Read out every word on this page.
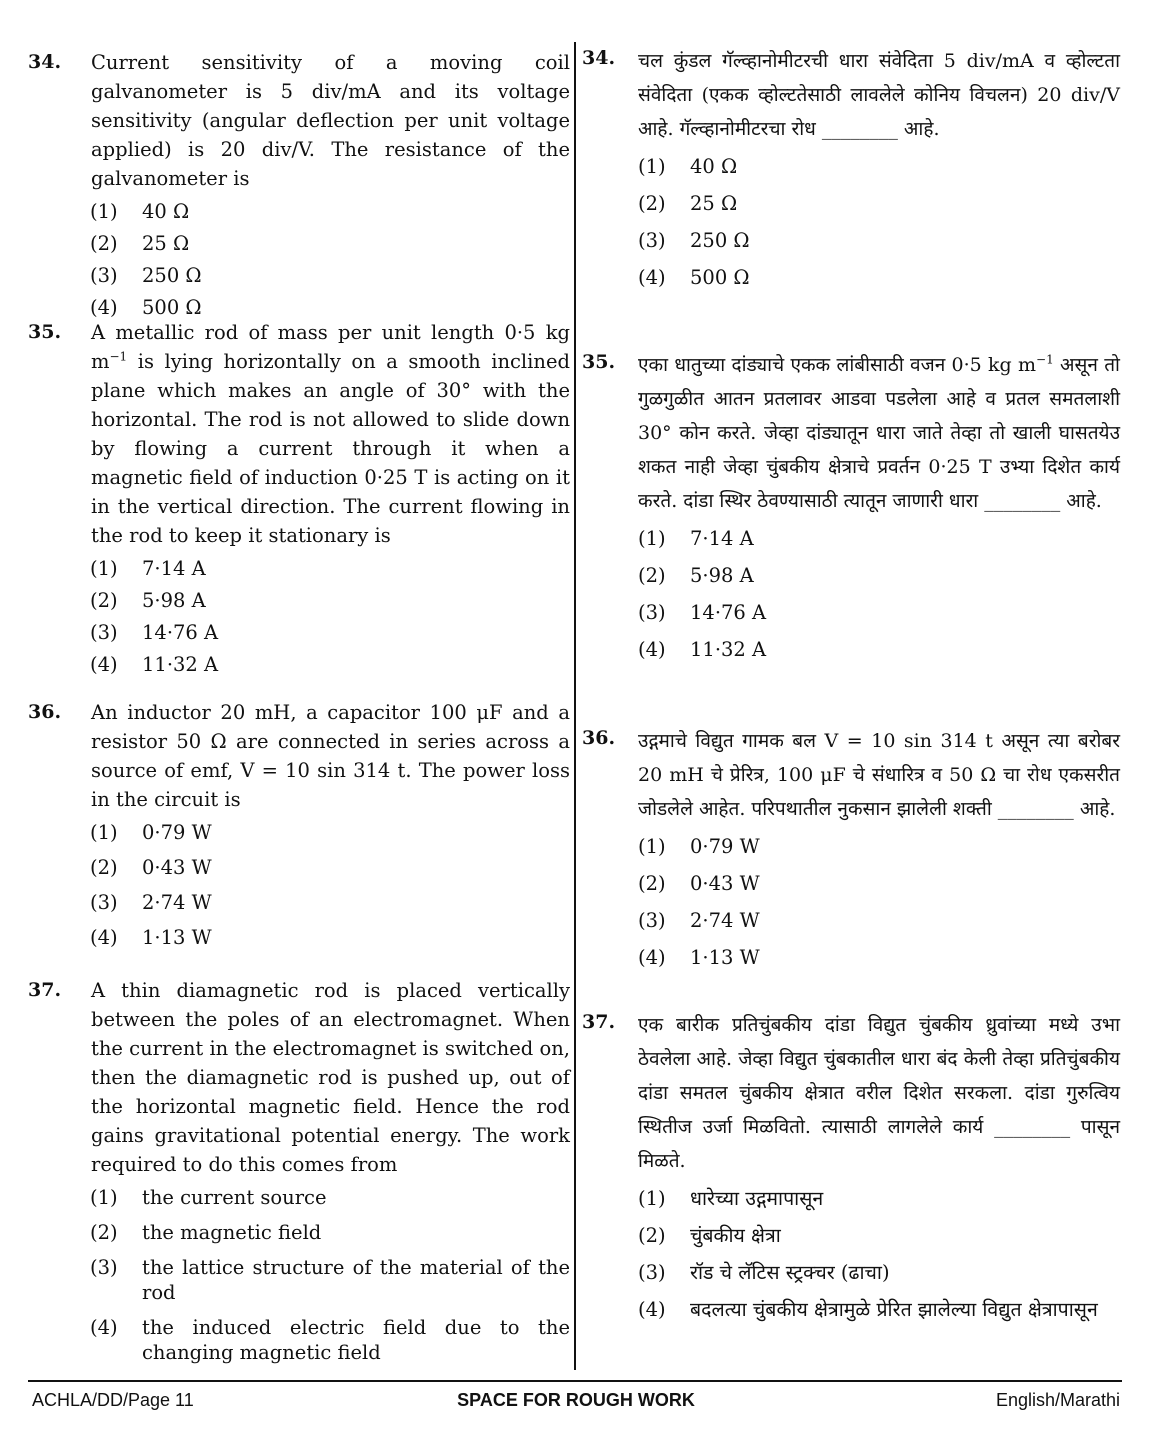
34. Current sensitivity of a moving coil galvanometer is 5 div/mA and its voltage sensitivity (angular deflection per unit voltage applied) is 20 div/V. The resistance of the galvanometer is
(1) 40 Ω
(2) 25 Ω
(3) 250 Ω
(4) 500 Ω
35. A metallic rod of mass per unit length 0·5 kg $m^{-1}$ is lying horizontally on a smooth inclined plane which makes an angle of 30° with the horizontal. The rod is not allowed to slide down by flowing a current through it when a magnetic field of induction 0·25 T is acting on it in the vertical direction. The current flowing in the rod to keep it stationary is
(1) 7·14 A
(2) 5·98 A
(3) 14·76 A
(4) 11·32 A
36. An inductor 20 mH, a capacitor 100 μF and a resistor 50 Ω are connected in series across a source of emf, V = 10 sin 314 t. The power loss in the circuit is
(1) 0·79 W
(2) 0·43 W
(3) 2·74 W
(4) 1·13 W
37. A thin diamagnetic rod is placed vertically between the poles of an electromagnet. When the current in the electromagnet is switched on, then the diamagnetic rod is pushed up, out of the horizontal magnetic field. Hence the rod gains gravitational potential energy. The work required to do this comes from
(1) the current source
(2) the magnetic field
(3) the lattice structure of the material of the rod
(4) the induced electric field due to the changing magnetic field
34. चल कुंडल गॅल्व्हानोमीटरची धारा संवेदिता 5 div/mA व व्होल्टता संवेदिता (एकक व्होल्टतेसाठी लावलेले कोनिय विचलन) 20 div/V आहे. गॅल्व्हानोमीटरचा रोध ________ आहे.
(1) 40 Ω
(2) 25 Ω
(3) 250 Ω
(4) 500 Ω
35. एका धातुच्या दांड्याचे एकक लांबीसाठी वजन 0·5 kg $m^{-1}$ असून तो गुळगुळीत आतन प्रतलावर आडवा पडलेला आहे व प्रतल समतलाशी 30° कोन करते. जेव्हा दांड्यातून धारा जाते तेव्हा तो खाली घासतयेउ शकत नाही जेव्हा चुंबकीय क्षेत्राचे प्रवर्तन 0·25 T उभ्या दिशेत कार्य करते. दांडा स्थिर ठेवण्यासाठी त्यातून जाणारी धारा ________ आहे.
(1) 7·14 A
(2) 5·98 A
(3) 14·76 A
(4) 11·32 A
36. उद्गमाचे विद्युत गामक बल V = 10 sin 314 t असून त्या बरोबर 20 mH चे प्रेरित्र, 100 μF चे संधारित्र व 50 Ω चा रोध एकसरीत जोडलेले आहेत. परिपथातील नुकसान झालेली शक्ती ________ आहे.
(1) 0·79 W
(2) 0·43 W
(3) 2·74 W
(4) 1·13 W
37. एक बारीक प्रतिचुंबकीय दांडा विद्युत चुंबकीय ध्रुवांच्या मध्ये उभा ठेवलेला आहे. जेव्हा विद्युत चुंबकातील धारा बंद केली तेव्हा प्रतिचुंबकीय दांडा समतल चुंबकीय क्षेत्रात वरील दिशेत सरकला. दांडा गुरुत्विय स्थितीज उर्जा मिळवितो. त्यासाठी लागलेले कार्य ________ पासून मिळते.
(1) धारेच्या उद्गमापासून
(2) चुंबकीय क्षेत्रा
(3) रॉड चे लॅटिस स्ट्रक्चर (ढाचा)
(4) बदलत्या चुंबकीय क्षेत्रामुळे प्रेरित झालेल्या विद्युत क्षेत्रापासून
ACHLA/DD/Page 11	SPACE FOR ROUGH WORK	English/Marathi
